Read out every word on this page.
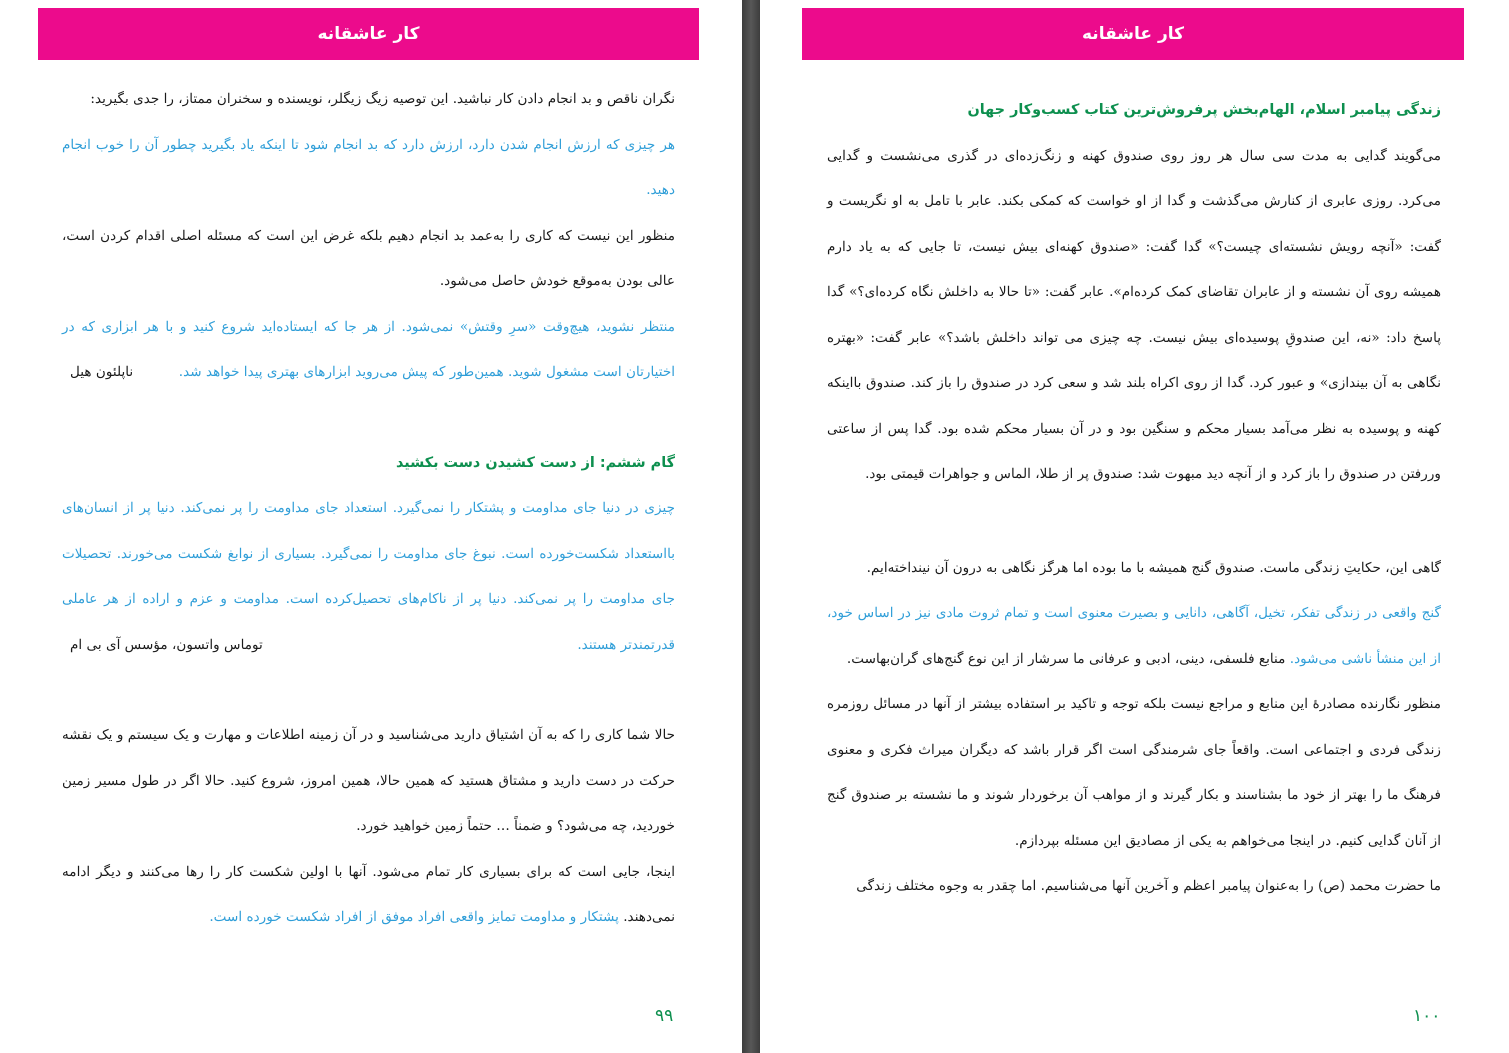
کار عاشقانه

نگران ناقص و بد انجام دادن کار نباشید. این توصیه زیگ زیگلر، نویسنده و سخنران ممتاز، را جدی بگیرید:

هر چیزی که ارزش انجام شدن دارد، ارزش دارد که بد انجام شود تا اینکه یاد بگیرید چطور آن را خوب انجام دهید.

منظور این نیست که کاری را به‌عمد بد انجام دهیم بلکه غرض این است که مسئله اصلی اقدام کردن است، عالی بودن به‌موقع خودش حاصل می‌شود.

منتظر نشوید، هیچ‌وقت «سرِ وقتش» نمی‌شود. از هر جا که ایستاده‌اید شروع کنید و با هر ابزاری که در اختیارتان است مشغول شوید. همین‌طور که پیش می‌روید ابزارهای بهتری پیدا خواهد شد.
ناپلئون هیل

گام ششم: از دست کشیدن دست بکشید

چیزی در دنیا جای مداومت و پشتکار را نمی‌گیرد. استعداد جای مداومت را پر نمی‌کند. دنیا پر از انسان‌های بااستعداد شکست‌خورده است. نبوغ جای مداومت را نمی‌گیرد. بسیاری از نوابغ شکست می‌خورند. تحصیلات جای مداومت را پر نمی‌کند. دنیا پر از ناکام‌های تحصیل‌کرده است. مداومت و عزم و اراده از هر عاملی قدرتمندتر هستند.
توماس واتسون، مؤسس آی بی ام

حالا شما کاری را که به آن اشتیاق دارید می‌شناسید و در آن زمینه اطلاعات و مهارت و یک سیستم و یک نقشه حرکت در دست دارید و مشتاق هستید که همین حالا، همین امروز، شروع کنید. حالا اگر در طول مسیر زمین خوردید، چه می‌شود؟ و ضمناً … حتماً زمین خواهید خورد.

اینجا، جایی است که برای بسیاری کار تمام می‌شود. آنها با اولین شکست کار را رها می‌کنند و دیگر ادامه نمی‌دهند. پشتکار و مداومت تمایز واقعی افراد موفق از افراد شکست خورده است.

۹۹
کار عاشقانه

زندگی پیامبر اسلام، الهام‌بخش پرفروش‌ترین کتاب کسب‌وکار جهان

می‌گویند گدایی به مدت سی سال هر روز روی صندوق کهنه و زنگ‌زده‌ای در گذری می‌نشست و گدایی می‌کرد. روزی عابری از کنارش می‌گذشت و گدا از او خواست که کمکی بکند. عابر با تامل به او نگریست و گفت: «آنچه رویش نشسته‌ای چیست؟» گدا گفت: «صندوق کهنه‌ای بیش نیست، تا جایی که به یاد دارم همیشه روی آن نشسته و از عابران تقاضای کمک کرده‌ام». عابر گفت: «تا حالا به داخلش نگاه کرده‌ای؟» گدا پاسخ داد: «نه، این صندوقِ پوسیده‌ای بیش نیست. چه چیزی می تواند داخلش باشد؟» عابر گفت: «بهتره نگاهی به آن بیندازی» و عبور کرد. گدا از روی اکراه بلند شد و سعی کرد در صندوق را باز کند. صندوق بااینکه کهنه و پوسیده به نظر می‌آمد بسیار محکم و سنگین بود و در آن بسیار محکم شده بود. گدا پس از ساعتی وررفتن در صندوق را باز کرد و از آنچه دید مبهوت شد: صندوق پر از طلا، الماس و جواهرات قیمتی بود.

گاهی این، حکایتِ زندگی ماست. صندوق گنج همیشه با ما بوده اما هرگز نگاهی به درون آن نینداخته‌ایم.

گنج واقعی در زندگی تفکر، تخیل، آگاهی، دانایی و بصیرت معنوی است و تمام ثروت مادی نیز در اساس خود، از این منشأ ناشی می‌شود. منابع فلسفی، دینی، ادبی و عرفانی ما سرشار از این نوع گنج‌های گران‌بهاست.

منظور نگارنده مصادرهٔ این منابع و مراجع نیست بلکه توجه و تاکید بر استفاده بیشتر از آنها در مسائل روزمره زندگی فردی و اجتماعی است. واقعاً جای شرمندگی است اگر قرار باشد که دیگران میراث فکری و معنوی فرهنگ ما را بهتر از خود ما بشناسند و بکار گیرند و از مواهب آن برخوردار شوند و ما نشسته بر صندوق گنج از آنان گدایی کنیم. در اینجا می‌خواهم به یکی از مصادیق این مسئله بپردازم.

ما حضرت محمد (ص) را به‌عنوان پیامبر اعظم و آخرین آنها می‌شناسیم. اما چقدر به وجوه مختلف زندگی

۱۰۰
